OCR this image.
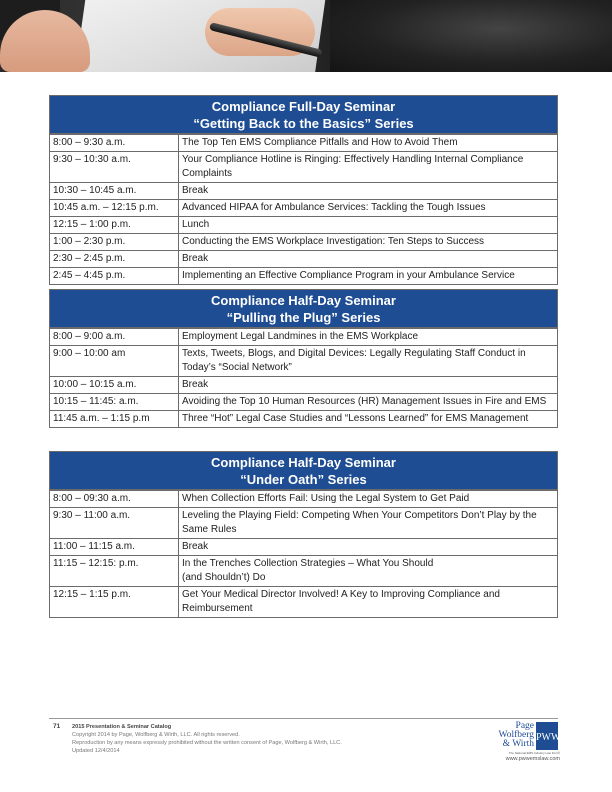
Compliance Full-Day Seminar
“Getting Back to the Basics” Series
8:00 – 9:30 a.m.	The Top Ten EMS Compliance Pitfalls and How to Avoid Them
9:30 – 10:30 a.m.	Your Compliance Hotline is Ringing: Effectively Handling Internal Compliance Complaints
10:30 – 10:45 a.m.	Break
10:45 a.m. – 12:15 p.m.	Advanced HIPAA for Ambulance Services: Tackling the Tough Issues
12:15 – 1:00 p.m.	Lunch
1:00 – 2:30 p.m.	Conducting the EMS Workplace Investigation: Ten Steps to Success
2:30 – 2:45 p.m.	Break
2:45 – 4:45 p.m.	Implementing an Effective Compliance Program in your Ambulance Service
Compliance Half-Day Seminar
“Pulling the Plug” Series
8:00 – 9:00 a.m.	Employment Legal Landmines in the EMS Workplace
9:00 – 10:00 am	Texts, Tweets, Blogs, and Digital Devices: Legally Regulating Staff Conduct in Today’s “Social Network”
10:00 – 10:15 a.m.	Break
10:15 – 11:45: a.m.	Avoiding the Top 10 Human Resources (HR) Management Issues in Fire and EMS
11:45 a.m. – 1:15 p.m	Three “Hot” Legal Case Studies and “Lessons Learned” for EMS Management
Compliance Half-Day Seminar
“Under Oath” Series
8:00 – 09:30 a.m.	When Collection Efforts Fail: Using the Legal System to Get Paid
9:30 – 11:00 a.m.	Leveling the Playing Field: Competing When Your Competitors Don’t Play by the Same Rules
11:00 – 11:15 a.m.	Break
11:15 – 12:15: p.m.	In the Trenches Collection Strategies – What You Should
(and Shouldn’t) Do
12:15 – 1:15 p.m.	Get Your Medical Director Involved! A Key to Improving Compliance and Reimbursement
71 2015 Presentation & Seminar Catalog
Copyright 2014 by Page, Wolfberg & Wirth, LLC. All rights reserved.
Reproduction by any means expressly prohibited without the written consent of Page, Wolfberg & Wirth, LLC.
Updated 12/4/2014
Page
Wolfberg
& Wirth
PWW
The National EMS Industry Law Firm®
www.pwwemslaw.com
